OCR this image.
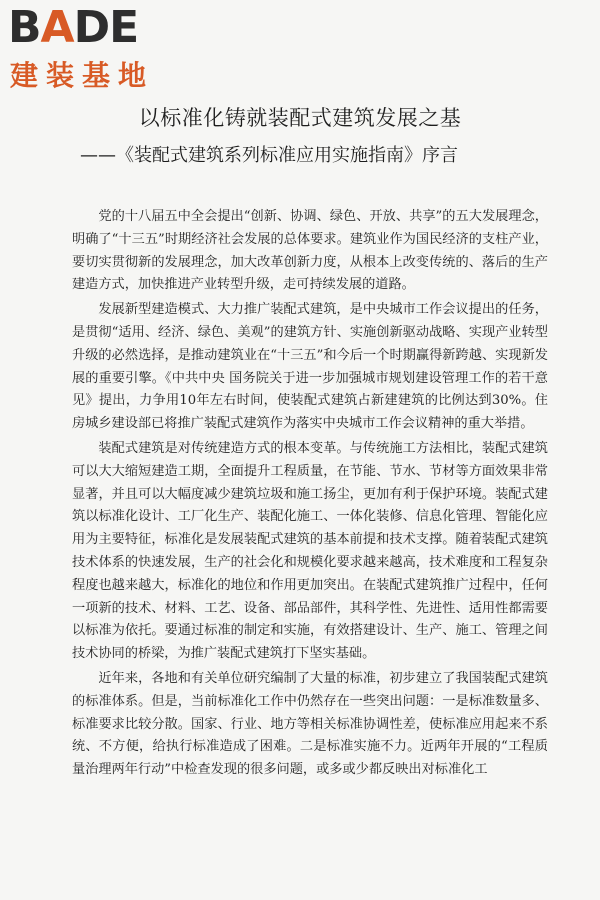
BADE
建装基地
以标准化铸就装配式建筑发展之基
——《装配式建筑系列标准应用实施指南》序言

党的十八届五中全会提出“创新、协调、绿色、开放、共享”的五大发展理念，明确了“十三五”时期经济社会发展的总体要求。建筑业作为国民经济的支柱产业，要切实贯彻新的发展理念，加大改革创新力度，从根本上改变传统的、落后的生产建造方式，加快推进产业转型升级，走可持续发展的道路。

发展新型建造模式、大力推广装配式建筑，是中央城市工作会议提出的任务，是贯彻“适用、经济、绿色、美观”的建筑方针、实施创新驱动战略、实现产业转型升级的必然选择，是推动建筑业在“十三五”和今后一个时期赢得新跨越、实现新发展的重要引擎。《中共中央 国务院关于进一步加强城市规划建设管理工作的若干意见》提出，力争用10年左右时间，使装配式建筑占新建建筑的比例达到30%。住房城乡建设部已将推广装配式建筑作为落实中央城市工作会议精神的重大举措。

装配式建筑是对传统建造方式的根本变革。与传统施工方法相比，装配式建筑可以大大缩短建造工期，全面提升工程质量，在节能、节水、节材等方面效果非常显著，并且可以大幅度减少建筑垃圾和施工扬尘，更加有利于保护环境。装配式建筑以标准化设计、工厂化生产、装配化施工、一体化装修、信息化管理、智能化应用为主要特征，标准化是发展装配式建筑的基本前提和技术支撑。随着装配式建筑技术体系的快速发展，生产的社会化和规模化要求越来越高，技术难度和工程复杂程度也越来越大，标准化的地位和作用更加突出。在装配式建筑推广过程中，任何一项新的技术、材料、工艺、设备、部品部件，其科学性、先进性、适用性都需要以标准为依托。要通过标准的制定和实施，有效搭建设计、生产、施工、管理之间技术协同的桥梁，为推广装配式建筑打下坚实基础。

近年来，各地和有关单位研究编制了大量的标准，初步建立了我国装配式建筑的标准体系。但是，当前标准化工作中仍然存在一些突出问题：一是标准数量多、标准要求比较分散。国家、行业、地方等相关标准协调性差，使标准应用起来不系统、不方便，给执行标准造成了困难。二是标准实施不力。近两年开展的“工程质量治理两年行动”中检查发现的很多问题，或多或少都反映出对标准化工
